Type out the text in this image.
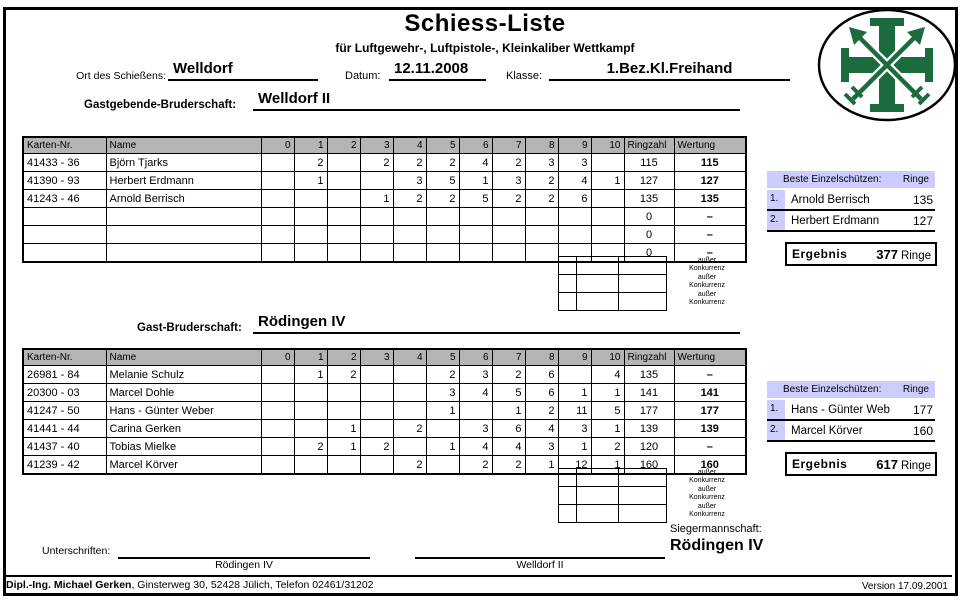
Schiess-Liste
für Luftgewehr-, Luftpistole-, Kleinkaliber Wettkampf
Ort des Schießens: Welldorf	Datum: 12.11.2008	Klasse:	1.Bez.Kl.Freihand
Gastgebende-Bruderschaft:	Welldorf II
Karten-Nr.	Name	0	1	2	3	4	5	6	7	8	9	10	Ringzahl	Wertung
41433 - 36	Björn Tjarks		2		2	2	2	4	2	3	3		115	115
41390 - 93	Herbert Erdmann		1			3	5	1	3	2	4	1	127	127
41243 - 46	Arnold Berrisch				1	2	2	5	2	2	6		135	135
													0	–
													0	–
													0	–

außer
Konkurrenz
außer
Konkurrenz
außer
Konkurrenz
Beste Einzelschützen:	Ringe
1.	Arnold Berrisch	135
2.	Herbert Erdmann	127
Ergebnis 377 Ringe
Gast-Bruderschaft:	Rödingen IV
Karten-Nr.	Name	0	1	2	3	4	5	6	7	8	9	10	Ringzahl	Wertung
26981 - 84	Melanie Schulz		1	2			2	3	2	6		4	135	–
20300 - 03	Marcel Dohle						3	4	5	6	1	1	141	141
41247 - 50	Hans - Günter Weber						1		1	2	11	5	177	177
41441 - 44	Carina Gerken			1		2		3	6	4	3	1	139	139
41437 - 40	Tobias Mielke		2	1	2		1	4	4	3	1	2	120	–
41239 - 42	Marcel Körver					2		2	2	1	12	1	160	160

außer
Konkurrenz
außer
Konkurrenz
außer
Konkurrenz
Beste Einzelschützen:	Ringe
1.	Hans - Günter Web	177
2.	Marcel Körver	160
Ergebnis 617 Ringe
Siegermannschaft:
Rödingen IV
Unterschriften:
Rödingen IV	Welldorf II
Dipl.-Ing. Michael Gerken, Ginsterweg 30, 52428 Jülich, Telefon 02461/31202	Version 17.09.2001
